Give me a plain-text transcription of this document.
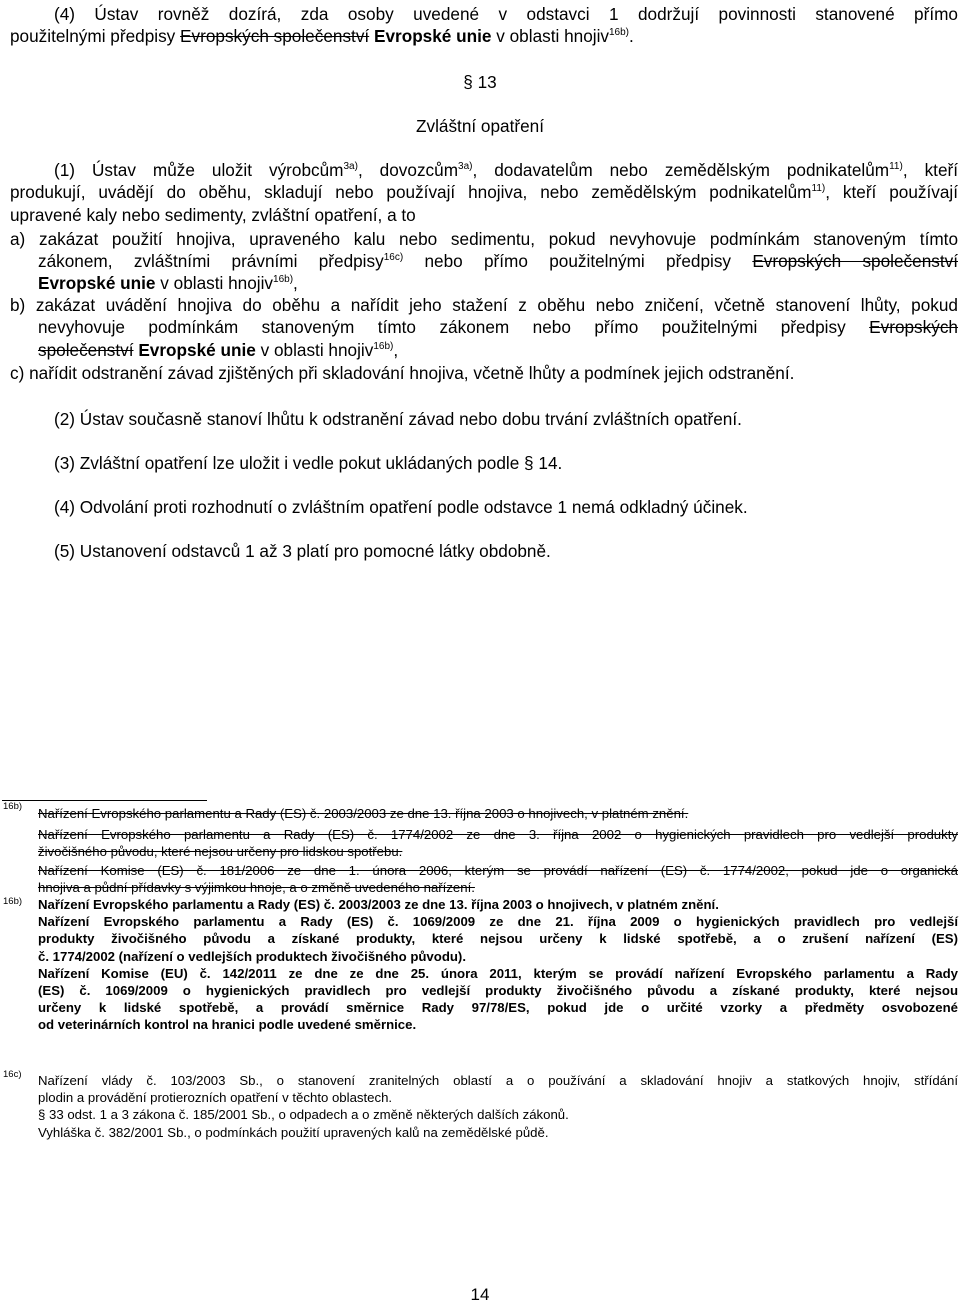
(4) Ústav rovněž dozírá, zda osoby uvedené v odstavci 1 dodržují povinnosti stanovené přímo
použitelnými předpisy Evropských společenství Evropské unie v oblasti hnojiv$^{16b)}$.
§ 13
Zvláštní opatření
(1) Ústav může uložit výrobcům$^{3a)}$, dovozcům$^{3a)}$, dodavatelům nebo zemědělským podnikatelům$^{11)}$, kteří
produkují, uvádějí do oběhu, skladují nebo používají hnojiva, nebo zemědělským podnikatelům$^{11)}$, kteří používají
upravené kaly nebo sedimenty, zvláštní opatření, a to
a) zakázat použití hnojiva, upraveného kalu nebo sedimentu, pokud nevyhovuje podmínkám stanoveným tímto
zákonem, zvláštními právními předpisy$^{16c)}$ nebo přímo použitelnými předpisy Evropských společenství
Evropské unie v oblasti hnojiv$^{16b)}$,
b) zakázat uvádění hnojiva do oběhu a nařídit jeho stažení z oběhu nebo zničení, včetně stanovení lhůty, pokud
nevyhovuje podmínkám stanoveným tímto zákonem nebo přímo použitelnými předpisy Evropských
společenství Evropské unie v oblasti hnojiv$^{16b)}$,
c) nařídit odstranění závad zjištěných při skladování hnojiva, včetně lhůty a podmínek jejich odstranění.
(2) Ústav současně stanoví lhůtu k odstranění závad nebo dobu trvání zvláštních opatření.
(3) Zvláštní opatření lze uložit i vedle pokut ukládaných podle § 14.
(4) Odvolání proti rozhodnutí o zvláštním opatření podle odstavce 1 nemá odkladný účinek.
(5) Ustanovení odstavců 1 až 3 platí pro pomocné látky obdobně.
16b)
16b)
16c)
Nařízení Evropského parlamentu a Rady (ES) č. 2003/2003 ze dne 13. října 2003 o hnojivech, v platném znění.
Nařízení Evropského parlamentu a Rady (ES) č. 1774/2002 ze dne 3. října 2002 o hygienických pravidlech pro vedlejší produkty
živočišného původu, které nejsou určeny pro lidskou spotřebu.
Nařízení Komise (ES) č. 181/2006 ze dne 1. února 2006, kterým se provádí nařízení (ES) č. 1774/2002, pokud jde o organická
hnojiva a půdní přídavky s výjimkou hnoje, a o změně uvedeného nařízení.
Nařízení Evropského parlamentu a Rady (ES) č. 2003/2003 ze dne 13. října 2003 o hnojivech, v platném znění.
Nařízení Evropského parlamentu a Rady (ES) č. 1069/2009 ze dne 21. října 2009 o hygienických pravidlech pro vedlejší
produkty živočišného původu a získané produkty, které nejsou určeny k lidské spotřebě, a o zrušení nařízení (ES)
č. 1774/2002 (nařízení o vedlejších produktech živočišného původu).
Nařízení Komise (EU) č. 142/2011 ze dne ze dne 25. února 2011, kterým se provádí nařízení Evropského parlamentu a Rady
(ES) č. 1069/2009 o hygienických pravidlech pro vedlejší produkty živočišného původu a získané produkty, které nejsou
určeny k lidské spotřebě, a provádí směrnice Rady 97/78/ES, pokud jde o určité vzorky a předměty osvobozené
od veterinárních kontrol na hranici podle uvedené směrnice.
Nařízení vlády č. 103/2003 Sb., o stanovení zranitelných oblastí a o používání a skladování hnojiv a statkových hnojiv, střídání
plodin a provádění protierozních opatření v těchto oblastech.
§ 33 odst. 1 a 3 zákona č. 185/2001 Sb., o odpadech a o změně některých dalších zákonů.
Vyhláška č. 382/2001 Sb., o podmínkách použití upravených kalů na zemědělské půdě.
14
